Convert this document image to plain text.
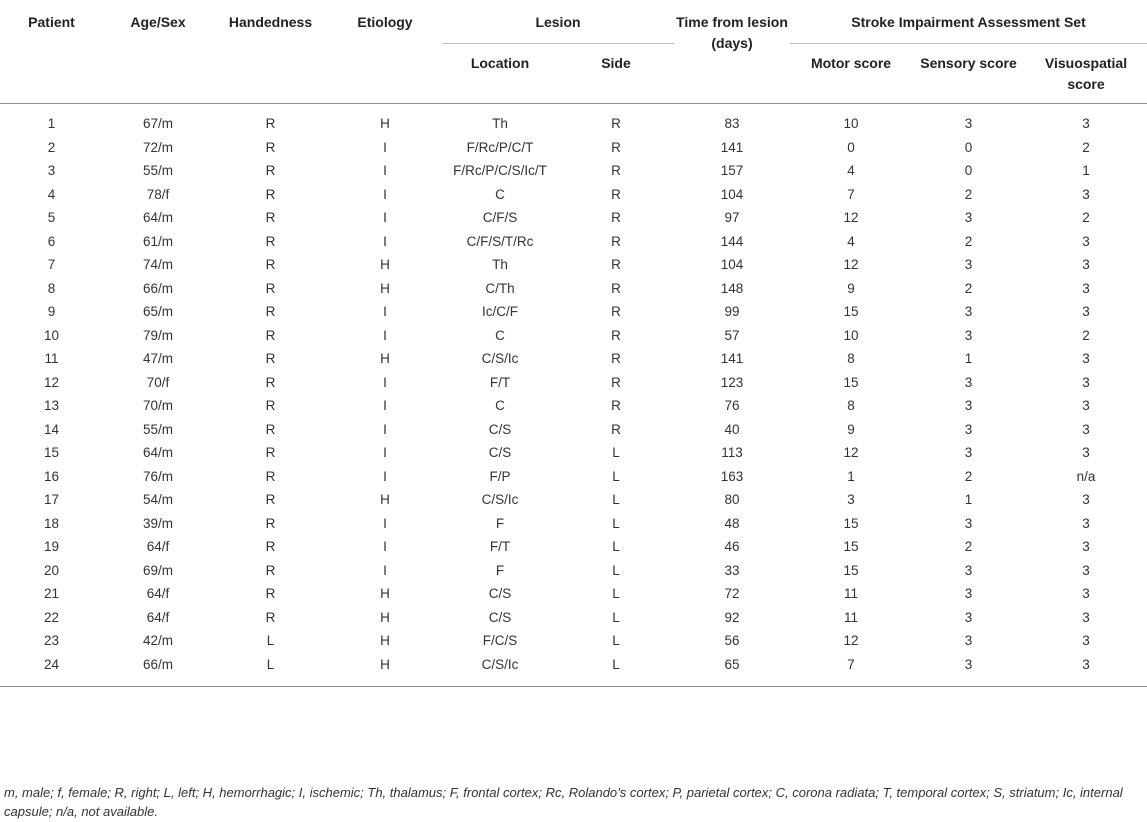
Patient	Age/Sex	Handedness	Etiology	Lesion		Time from lesion
(days)	Stroke Impairment Assessment Set		
				Location	Side		Motor score	Sensory score	Visuospatial
score

1	67/m	R	H	Th	R	83	10	3	3
2	72/m	R	I	F/Rc/P/C/T	R	141	0	0	2
3	55/m	R	I	F/Rc/P/C/S/Ic/T	R	157	4	0	1
4	78/f	R	I	C	R	104	7	2	3
5	64/m	R	I	C/F/S	R	97	12	3	2
6	61/m	R	I	C/F/S/T/Rc	R	144	4	2	3
7	74/m	R	H	Th	R	104	12	3	3
8	66/m	R	H	C/Th	R	148	9	2	3
9	65/m	R	I	Ic/C/F	R	99	15	3	3
10	79/m	R	I	C	R	57	10	3	2
11	47/m	R	H	C/S/Ic	R	141	8	1	3
12	70/f	R	I	F/T	R	123	15	3	3
13	70/m	R	I	C	R	76	8	3	3
14	55/m	R	I	C/S	R	40	9	3	3
15	64/m	R	I	C/S	L	113	12	3	3
16	76/m	R	I	F/P	L	163	1	2	n/a
17	54/m	R	H	C/S/Ic	L	80	3	1	3
18	39/m	R	I	F	L	48	15	3	3
19	64/f	R	I	F/T	L	46	15	2	3
20	69/m	R	I	F	L	33	15	3	3
21	64/f	R	H	C/S	L	72	11	3	3
22	64/f	R	H	C/S	L	92	11	3	3
23	42/m	L	H	F/C/S	L	56	12	3	3
24	66/m	L	H	C/S/Ic	L	65	7	3	3
m, male; f, female; R, right; L, left; H, hemorrhagic; I, ischemic; Th, thalamus; F, frontal cortex; Rc, Rolando’s cortex; P, parietal cortex; C, corona radiata; T, temporal cortex; S, striatum; Ic, internal capsule; n/a, not available.
